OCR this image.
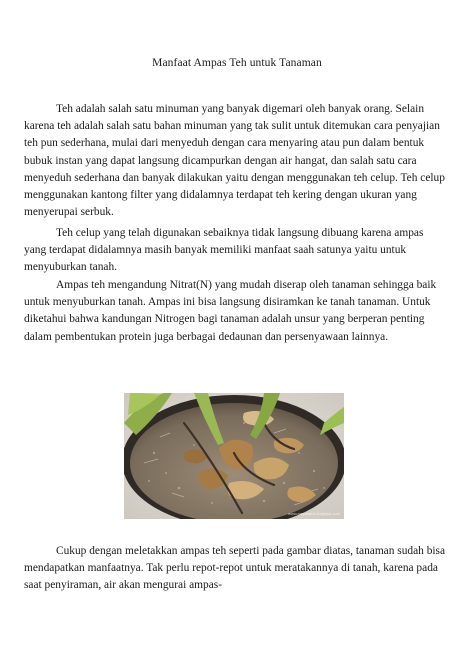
Manfaat Ampas Teh untuk Tanaman

Teh adalah salah satu minuman yang banyak digemari oleh banyak orang. Selain karena teh adalah salah satu bahan minuman yang tak sulit untuk ditemukan cara penyajian teh pun sederhana, mulai dari menyeduh dengan cara menyaring atau pun dalam bentuk bubuk instan yang dapat langsung dicampurkan dengan air hangat, dan salah satu cara menyeduh sederhana dan banyak dilakukan yaitu dengan menggunakan teh celup. Teh celup menggunakan kantong filter yang didalamnya terdapat teh kering dengan ukuran yang menyerupai serbuk.

Teh celup yang telah digunakan sebaiknya tidak langsung dibuang karena ampas yang terdapat didalamnya masih banyak memiliki manfaat saah satunya yaitu untuk menyuburkan tanah.

Ampas teh mengandung Nitrat(N) yang mudah diserap oleh tanaman sehingga baik untuk menyuburkan tanah. Ampas ini bisa langsung disiramkan ke tanah tanaman. Untuk diketahui bahwa kandungan Nitrogen bagi tanaman adalah unsur yang berperan penting dalam pembentukan protein juga berbagai dedaunan dan persenyawaan lainnya.

www.ampasteh.blogspot.com

Cukup dengan meletakkan ampas teh seperti pada gambar diatas, tanaman sudah bisa mendapatkan manfaatnya. Tak perlu repot-repot untuk meratakannya di tanah, karena pada saat penyiraman, air akan mengurai ampas-
